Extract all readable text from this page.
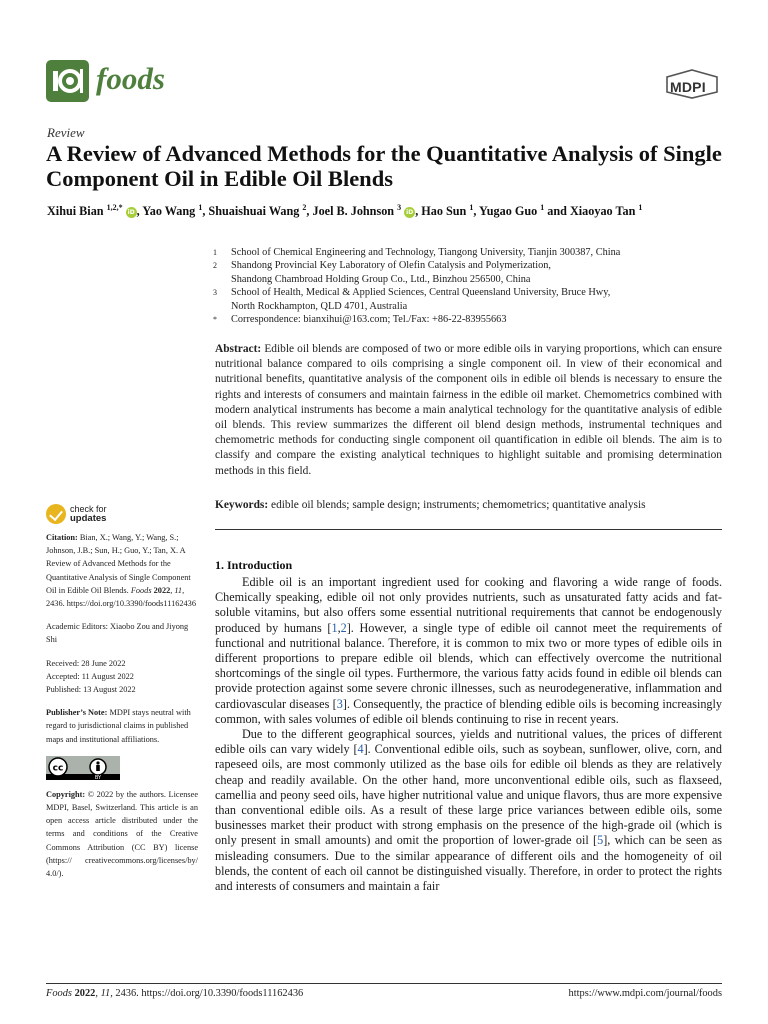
foods	MDPI
Review
A Review of Advanced Methods for the Quantitative Analysis of Single Component Oil in Edible Oil Blends
Xihui Bian $^{1,2,*}$ iD , Yao Wang $^1$, Shuaishuai Wang $^2$, Joel B. Johnson $^3$ iD , Hao Sun $^1$, Yugao Guo $^1$ and Xiaoyao Tan $^1$
1	School of Chemical Engineering and Technology, Tiangong University, Tianjin 300387, China
2	Shandong Provincial Key Laboratory of Olefin Catalysis and Polymerization,
Shandong Chambroad Holding Group Co., Ltd., Binzhou 256500, China
3	School of Health, Medical & Applied Sciences, Central Queensland University, Bruce Hwy,
North Rockhampton, QLD 4701, Australia
*	Correspondence: bianxihui@163.com; Tel./Fax: +86-22-83955663
Abstract: Edible oil blends are composed of two or more edible oils in varying proportions, which can ensure nutritional balance compared to oils comprising a single component oil. In view of their economical and nutritional benefits, quantitative analysis of the component oils in edible oil blends is necessary to ensure the rights and interests of consumers and maintain fairness in the edible oil market. Chemometrics combined with modern analytical instruments has become a main analytical technology for the quantitative analysis of edible oil blends. This review summarizes the different oil blend design methods, instrumental techniques and chemometric methods for conducting single component oil quantification in edible oil blends. The aim is to classify and compare the existing analytical techniques to highlight suitable and promising determination methods in this field.
Keywords: edible oil blends; sample design; instruments; chemometrics; quantitative analysis
1. Introduction

Edible oil is an important ingredient used for cooking and flavoring a wide range of foods. Chemically speaking, edible oil not only provides nutrients, such as unsaturated fatty acids and fat-soluble vitamins, but also offers some essential nutritional requirements that cannot be endogenously produced by humans [1,2]. However, a single type of edible oil cannot meet the requirements of functional and nutritional balance. Therefore, it is common to mix two or more types of edible oils in different proportions to prepare edible oil blends, which can effectively overcome the nutritional shortcomings of the single oil types. Furthermore, the various fatty acids found in edible oil blends can provide protection against some severe chronic illnesses, such as neurodegenerative, inflammation and cardiovascular diseases [3]. Consequently, the practice of blending edible oils is becoming increasingly common, with sales volumes of edible oil blends continuing to rise in recent years.

Due to the different geographical sources, yields and nutritional values, the prices of different edible oils can vary widely [4]. Conventional edible oils, such as soybean, sunflower, olive, corn, and rapeseed oils, are most commonly utilized as the base oils for edible oil blends as they are relatively cheap and readily available. On the other hand, more unconventional edible oils, such as flaxseed, camellia and peony seed oils, have higher nutritional value and unique flavors, thus are more expensive than conventional edible oils. As a result of these large price variances between edible oils, some businesses market their product with strong emphasis on the presence of the high-grade oil (which is only present in small amounts) and omit the proportion of lower-grade oil [5], which can be seen as misleading consumers. Due to the similar appearance of different oils and the homogeneity of oil blends, the content of each oil cannot be distinguished visually. Therefore, in order to protect the rights and interests of consumers and maintain a fair

check for
updates
Citation: Bian, X.; Wang, Y.; Wang, S.; Johnson, J.B.; Sun, H.; Guo, Y.; Tan, X. A Review of Advanced Methods for the Quantitative Analysis of Single Component Oil in Edible Oil Blends. Foods 2022, 11, 2436. https://doi.org/10.3390/foods11162436
Academic Editors: Xiaobo Zou and Jiyong Shi
Received: 28 June 2022
Accepted: 11 August 2022
Published: 13 August 2022
Publisher’s Note: MDPI stays neutral with regard to jurisdictional claims in published maps and institutional affiliations.
cc
BY
Copyright: © 2022 by the authors. Licensee MDPI, Basel, Switzerland. This article is an open access article distributed under the terms and conditions of the Creative Commons Attribution (CC BY) license (https:// creativecommons.org/licenses/by/ 4.0/).
Foods 2022, 11, 2436. https://doi.org/10.3390/foods11162436	https://www.mdpi.com/journal/foods
